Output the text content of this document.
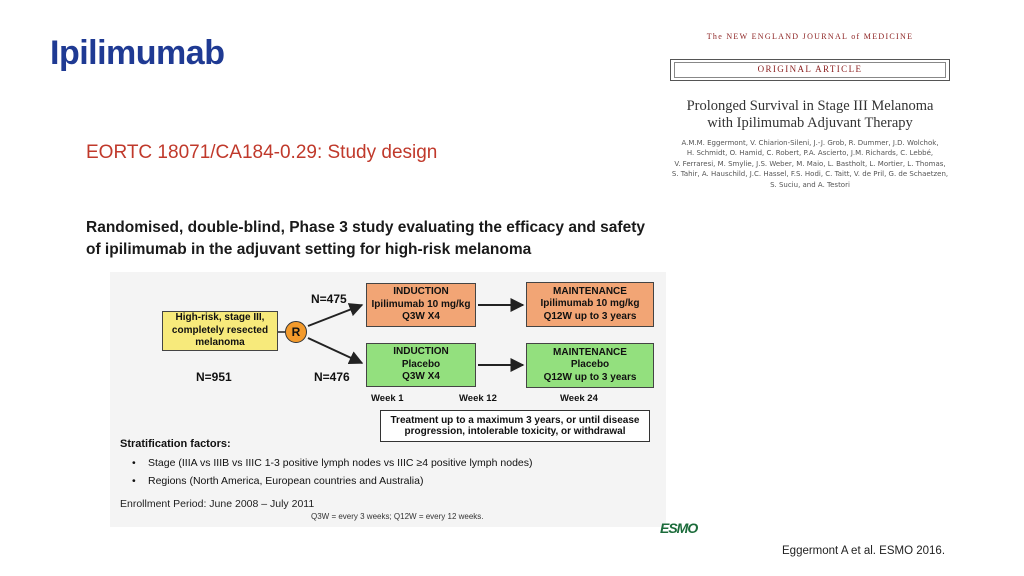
Ipilimumab	The NEW ENGLAND JOURNAL of MEDICINE
ORIGINAL ARTICLE
Prolonged Survival in Stage III Melanoma
with Ipilimumab Adjuvant Therapy
A.M.M. Eggermont, V. Chiarion-Sileni, J.-J. Grob, R. Dummer, J.D. Wolchok,
H. Schmidt, O. Hamid, C. Robert, P.A. Ascierto, J.M. Richards, C. Lebbé,
V. Ferraresi, M. Smylie, J.S. Weber, M. Maio, L. Bastholt, L. Mortier, L. Thomas,
S. Tahir, A. Hauschild, J.C. Hassel, F.S. Hodi, C. Taitt, V. de Pril, G. de Schaetzen,
S. Suciu, and A. Testori
EORTC 18071/CA184-0.29: Study design
Randomised, double-blind, Phase 3 study evaluating the efficacy and safety of ipilimumab in the adjuvant setting for high-risk melanoma
High-risk, stage III,
completely resected
melanoma
R
N=951
N=475
N=476
INDUCTION
Ipilimumab 10 mg/kg
Q3W X4
MAINTENANCE
Ipilimumab 10 mg/kg
Q12W up to 3 years
INDUCTION
Placebo
Q3W X4
MAINTENANCE
Placebo
Q12W up to 3 years
Week 1	Week 12	Week 24
Treatment up to a maximum 3 years, or until disease
progression, intolerable toxicity, or withdrawal
Stratification factors:
• Stage (IIIA vs IIIB vs IIIC 1-3 positive lymph nodes vs IIIC ≥4 positive lymph nodes)
• Regions (North America, European countries and Australia)
Enrollment Period: June 2008 – July 2011
Q3W = every 3 weeks; Q12W = every 12 weeks.
ESMO
Eggermont A et al. ESMO 2016.
